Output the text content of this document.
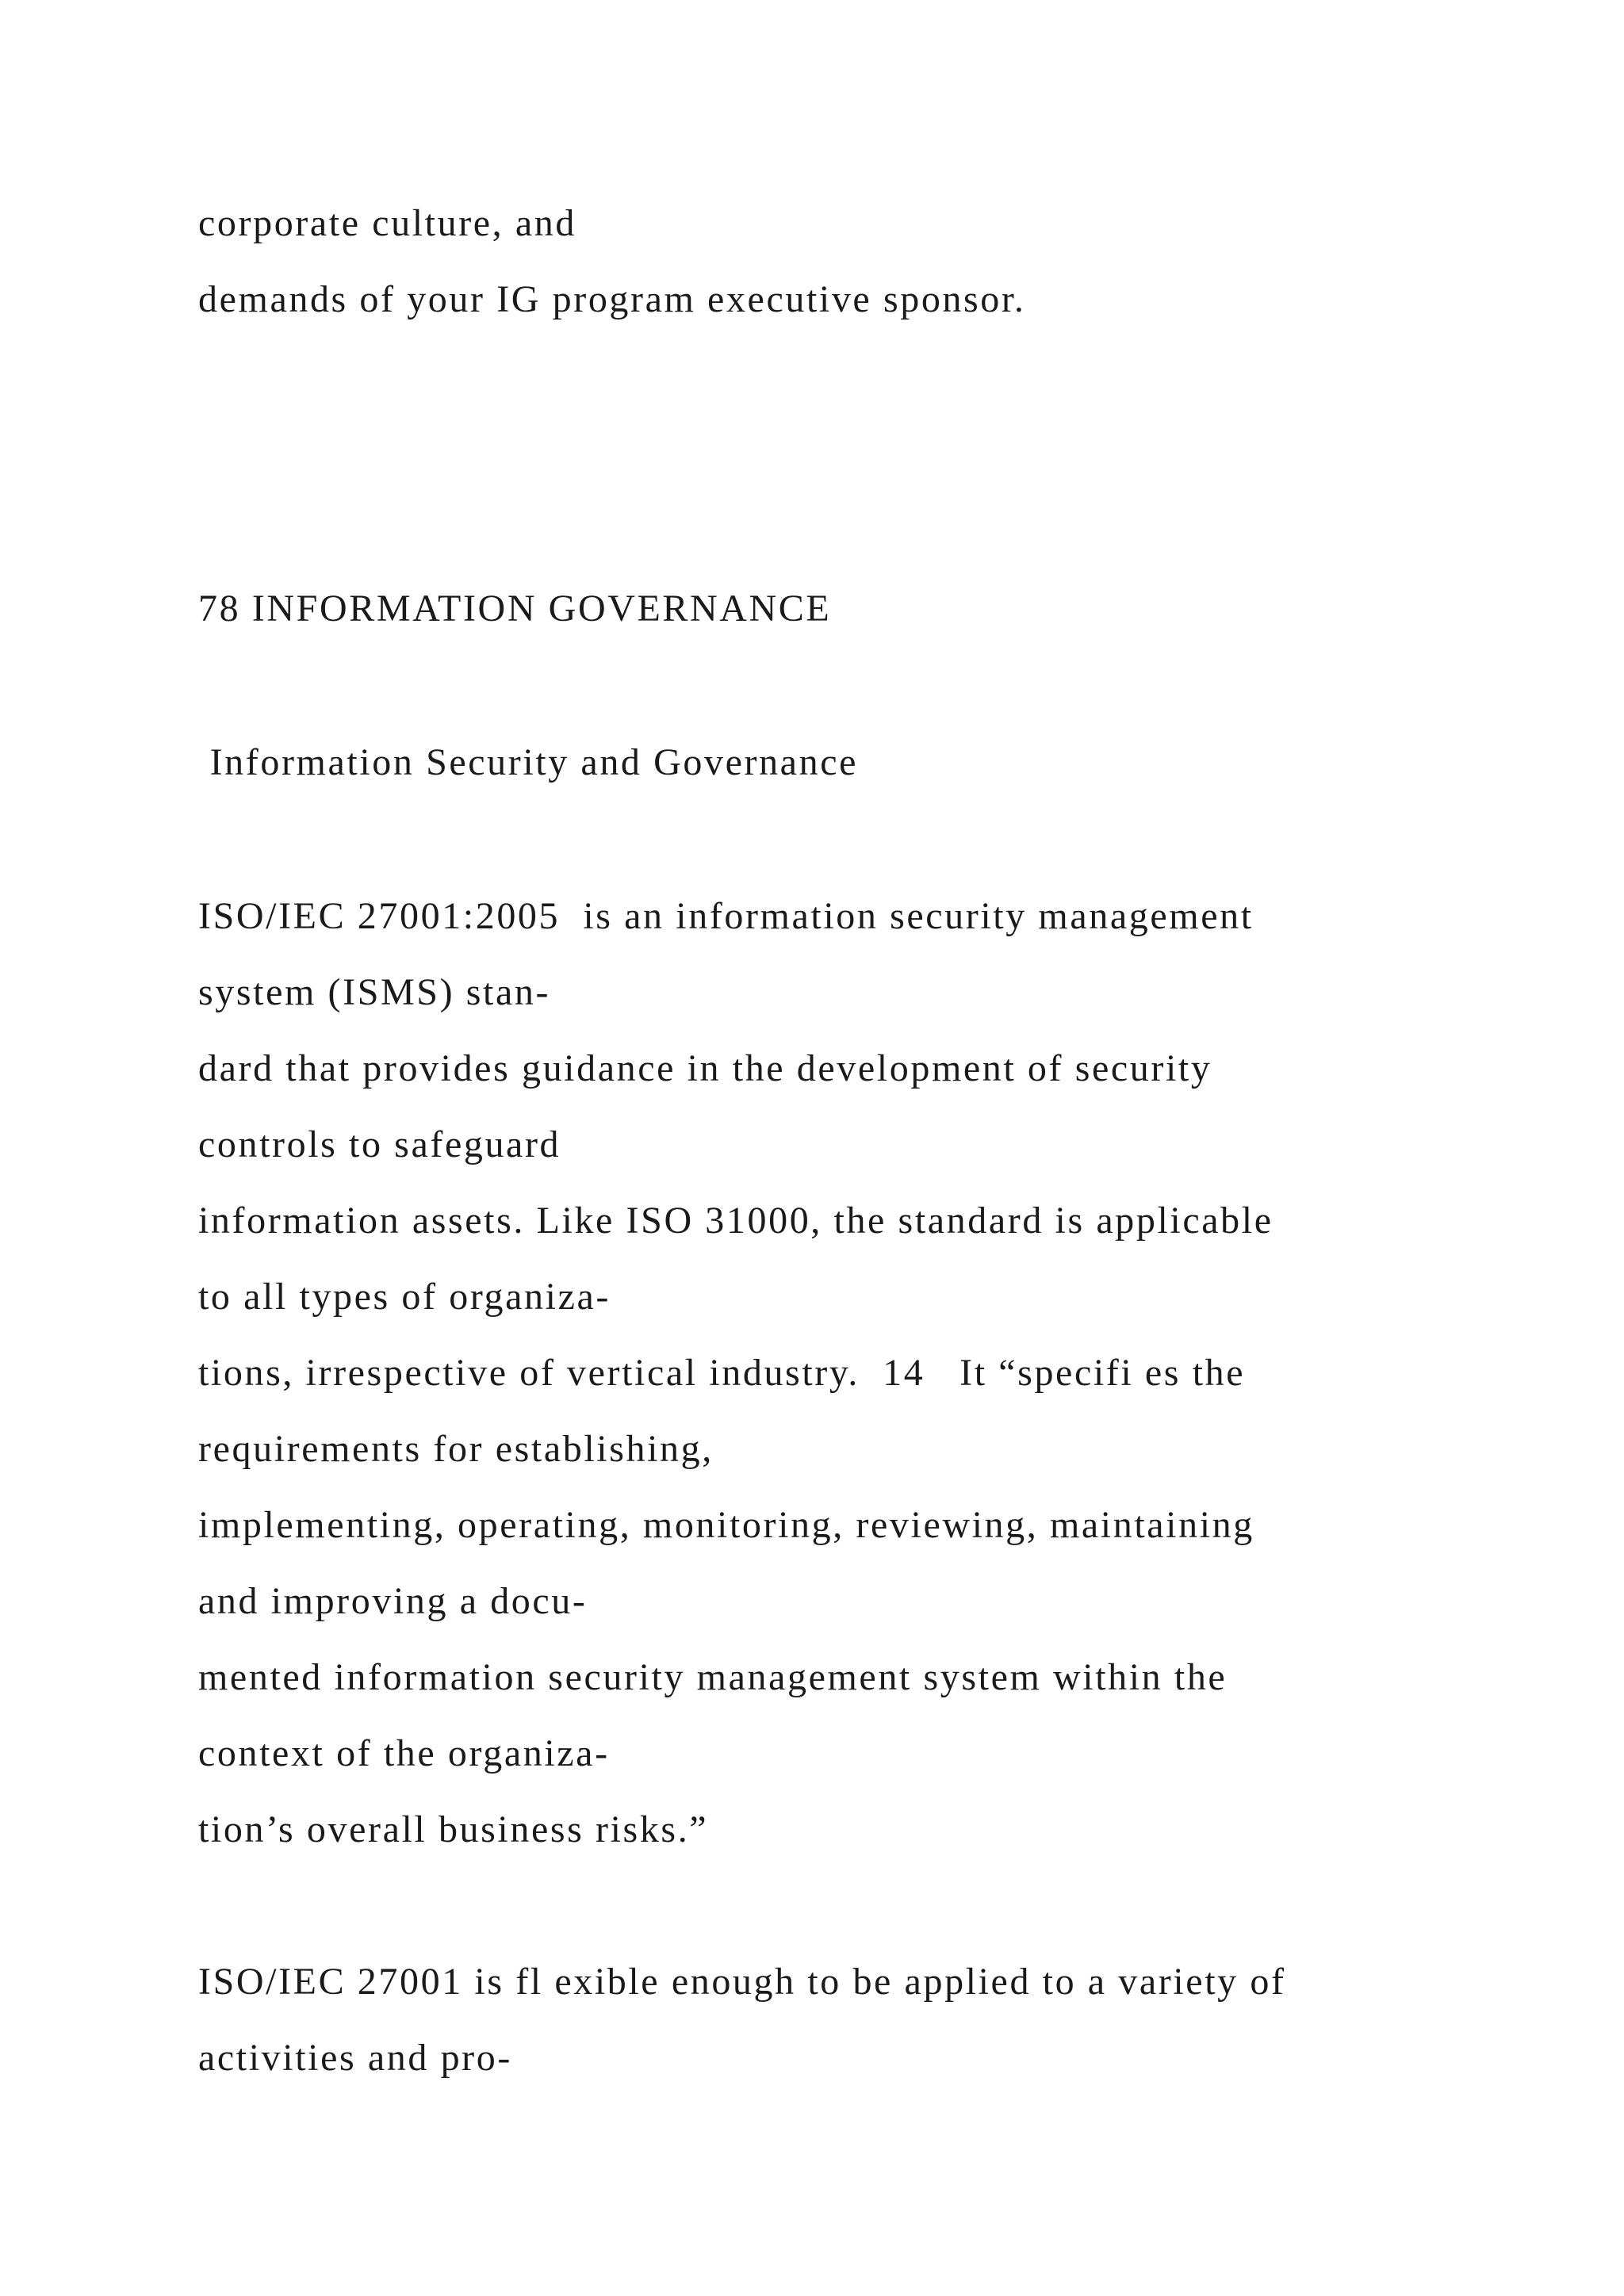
corporate culture, and
demands of your IG program executive sponsor.
78 INFORMATION GOVERNANCE
Information Security and Governance
ISO/IEC 27001:2005  is an information security management
system (ISMS) stan-
dard that provides guidance in the development of security
controls to safeguard
information assets. Like ISO 31000, the standard is applicable
to all types of organiza-
tions, irrespective of vertical industry.  14   It “specifi es the
requirements for establishing,
implementing, operating, monitoring, reviewing, maintaining
and improving a docu-
mented information security management system within the
context of the organiza-
tion’s overall business risks.”
ISO/IEC 27001 is fl exible enough to be applied to a variety of
activities and pro-
